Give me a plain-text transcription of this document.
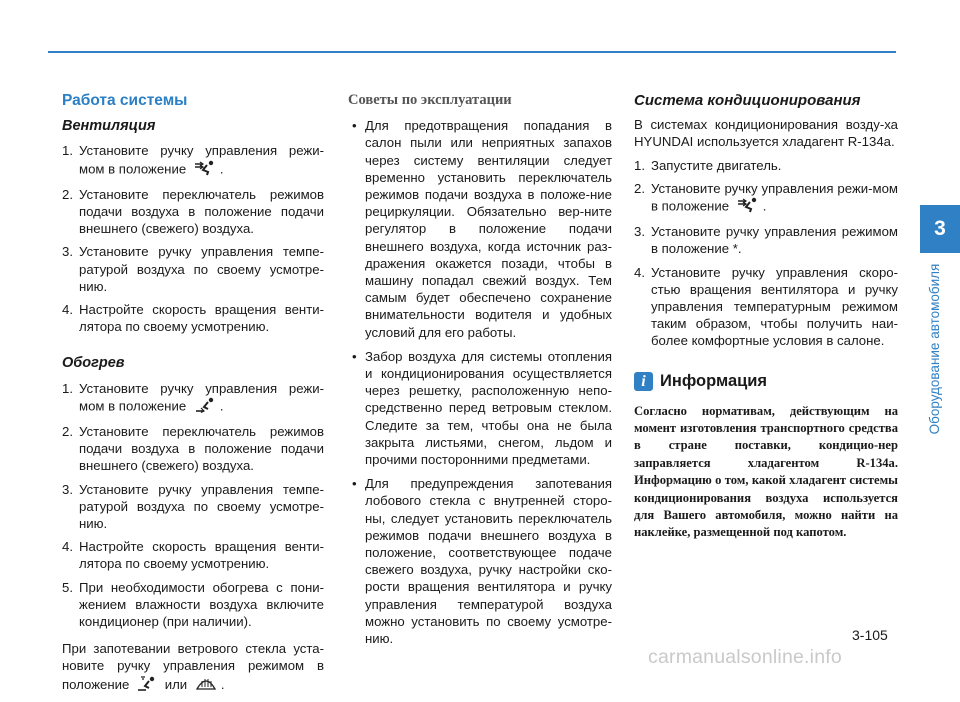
Работа системы
Вентиляция
1. Установите ручку управления режи-мом в положение	.
2. Установите переключатель режимов подачи воздуха в положение подачи внешнего (свежего) воздуха.
3. Установите ручку управления темпе-ратурой воздуха по своему усмотре-нию.
4. Настройте скорость вращения венти-лятора по своему усмотрению.
Обогрев
1. Установите ручку управления режи-мом в положение	.
2. Установите переключатель режимов подачи воздуха в положение подачи внешнего (свежего) воздуха.
3. Установите ручку управления темпе-ратурой воздуха по своему усмотре-нию.
4. Настройте скорость вращения венти-лятора по своему усмотрению.
5. При необходимости обогрева с пони-жением влажности воздуха включите кондиционер (при наличии).

При запотевании ветрового стекла уста-новите ручку управления режимом в положение	или	.

Советы по эксплуатации
• Для предотвращения попадания в салон пыли или неприятных запахов через систему вентиляции следует временно установить переключатель режимов подачи воздуха в положе-ние рециркуляции. Обязательно вер-ните регулятор в положение подачи внешнего воздуха, когда источник раз-дражения окажется позади, чтобы в машину попадал свежий воздух. Тем самым будет обеспечено сохранение внимательности водителя и удобных условий для его работы.
• Забор воздуха для системы отопления и кондиционирования осуществляется через решетку, расположенную непо-средственно перед ветровым стеклом. Следите за тем, чтобы она не была закрыта листьями, снегом, льдом и прочими посторонними предметами.
• Для предупреждения запотевания лобового стекла с внутренней сторо-ны, следует установить переключатель режимов подачи внешнего воздуха в положение, соответствующее подаче свежего воздуха, ручку настройки ско-рости вращения вентилятора и ручку управления температурой воздуха можно установить по своему усмотре-нию.
Система кондиционирования

В системах кондиционирования возду-ха HYUNDAI используется хладагент R-134a.

1. Запустите двигатель.
2. Установите ручку управления режи-мом в положение	.
3. Установите ручку управления режимом в положение *.
4. Установите ручку управления скоро-стью вращения вентилятора и ручку управления температурным режимом таким образом, чтобы получить наи-более комфортные условия в салоне.
i Информация

Согласно нормативам, действующим на момент изготовления транспортного средства в стране поставки, кондицио-нер заправляется хладагентом R-134a. Информацию о том, какой хладагент системы кондиционирования воздуха используется для Вашего автомобиля, можно найти на наклейке, размещенной под капотом.

3
Оборудование автомобиля
3-105
carmanualsonline.info
